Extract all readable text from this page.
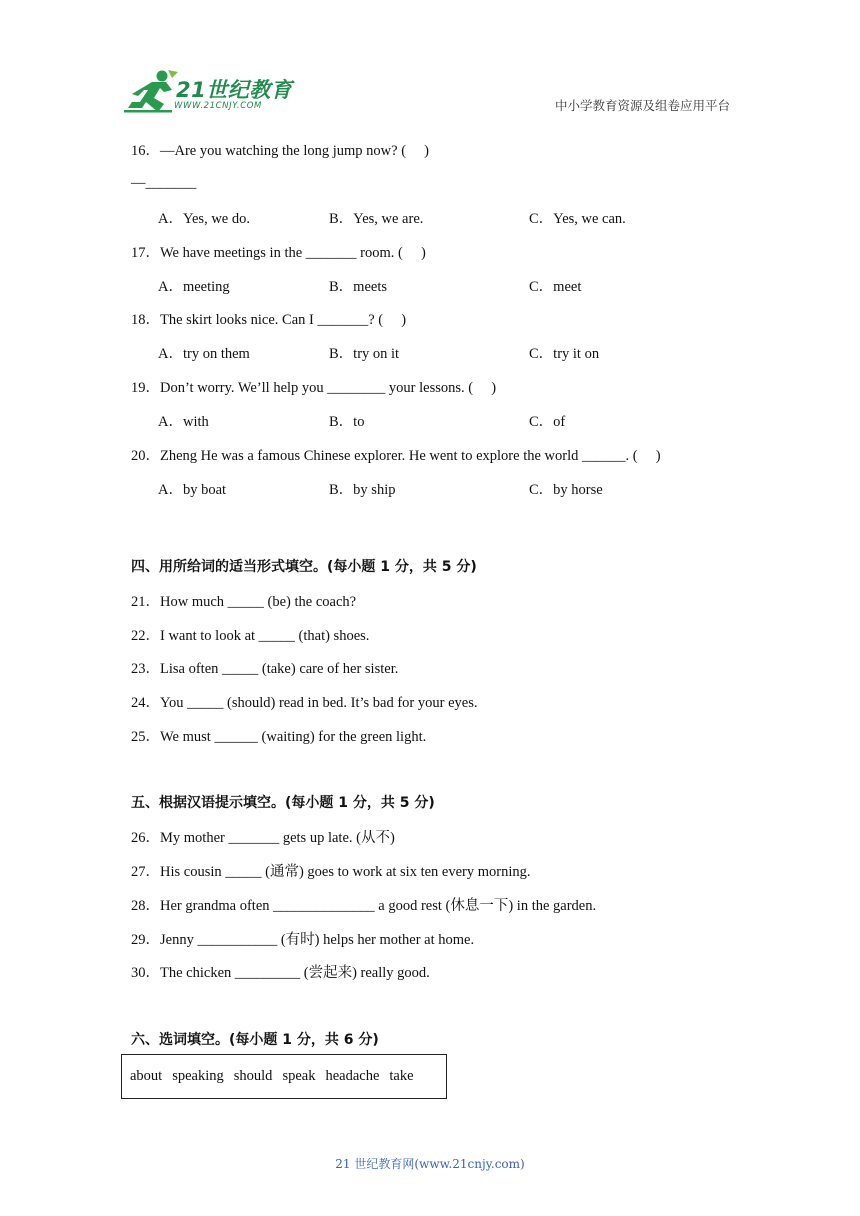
21世纪教育
WWW.21CNJY.COM	中小学教育资源及组卷应用平台
16．—Are you watching the long jump now? (　 )
—_______
A．Yes, we do.	B．Yes, we are.	C．Yes, we can.
17．We have meetings in the _______ room. (　 )
A．meeting	B．meets	C．meet
18．The skirt looks nice. Can I _______? (　 )
A．try on them	B．try on it	C．try it on
19．Don’t worry. We’ll help you ________ your lessons. (　 )
A．with	B．to	C．of
20．Zheng He was a famous Chinese explorer. He went to explore the world ______. (　 )
A．by boat	B．by ship	C．by horse
四、用所给词的适当形式填空。(每小题 1 分，共 5 分)
21．How much _____ (be) the coach?
22．I want to look at _____ (that) shoes.
23．Lisa often _____ (take) care of her sister.
24．You _____ (should) read in bed. It’s bad for your eyes.
25．We must ______ (waiting) for the green light.
五、根据汉语提示填空。(每小题 1 分，共 5 分)
26．My mother _______ gets up late. (从不)
27．His cousin _____ (通常) goes to work at six ten every morning.
28．Her grandma often ______________ a good rest (休息一下) in the garden.
29．Jenny ___________ (有时) helps her mother at home.
30．The chicken _________ (尝起来) really good.
六、选词填空。(每小题 1 分，共 6 分)
about speaking should speak headache take
21 世纪教育网(www.21cnjy.com)
